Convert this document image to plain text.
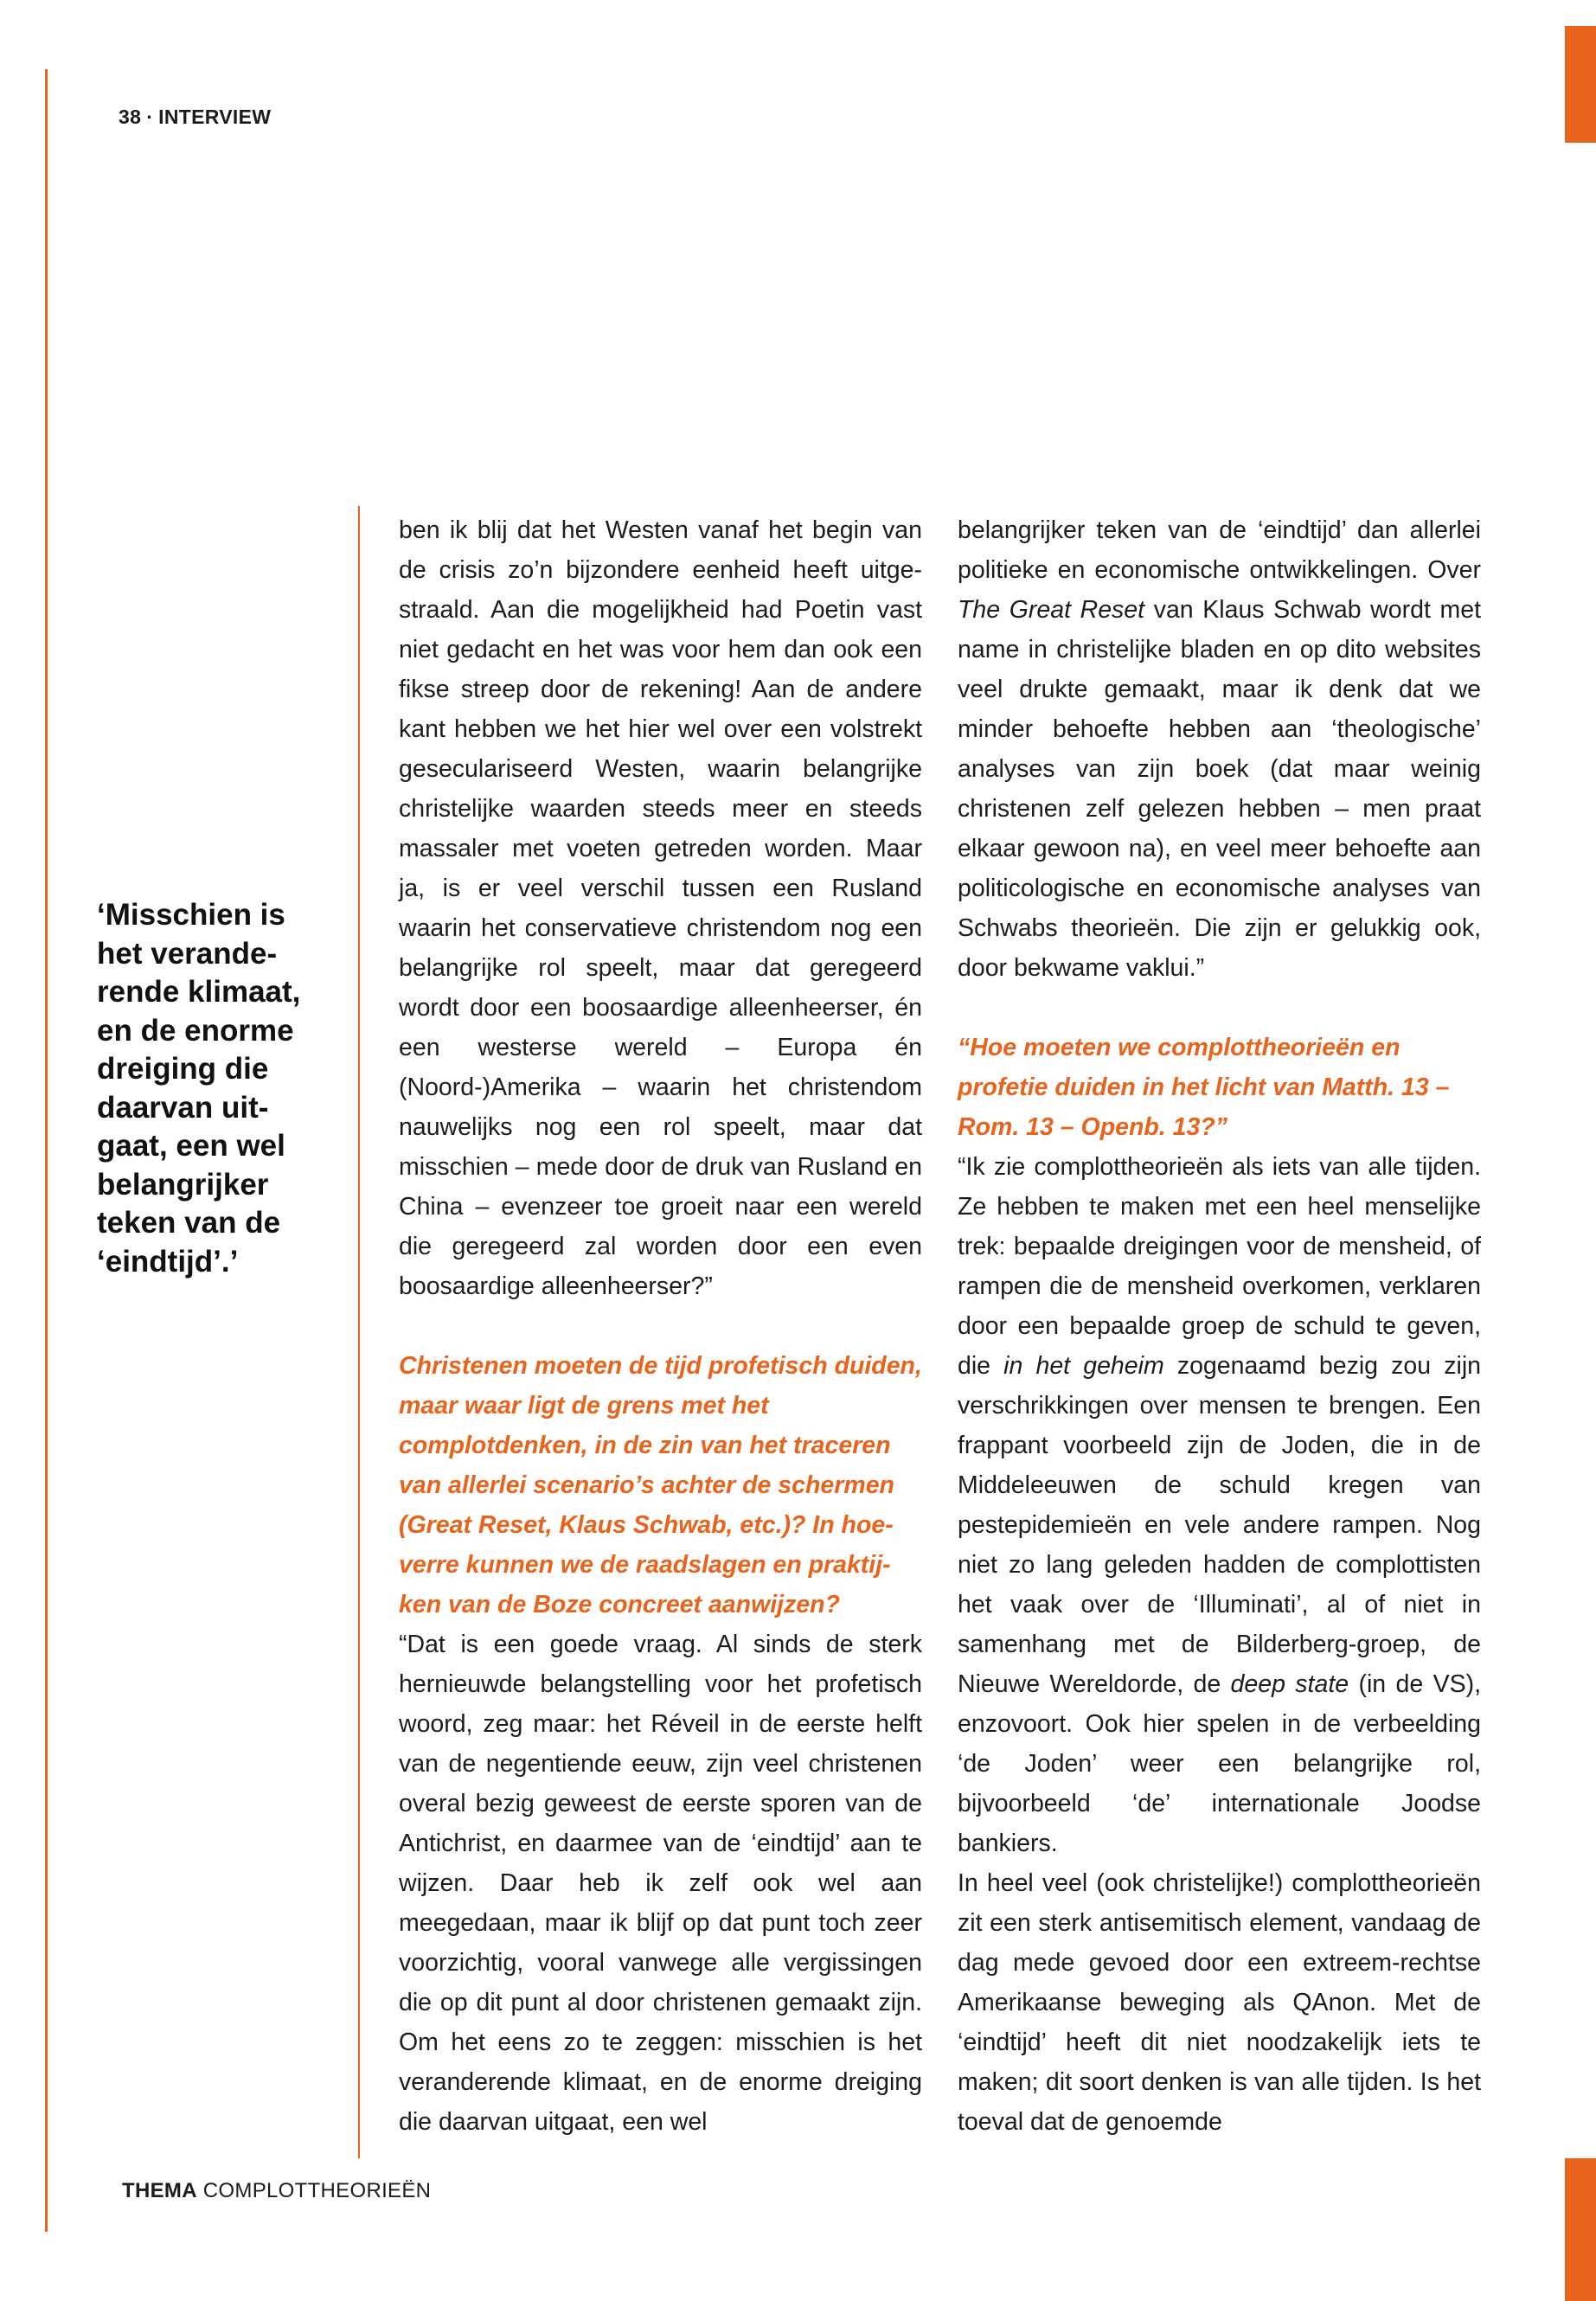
38 · INTERVIEW
‘Misschien is het veranderende klimaat, en de enorme dreiging die daarvan uitgaat, een wel belangrijker teken van de ‘eindtijd’.’

ben ik blij dat het Westen vanaf het begin van de crisis zo’n bijzondere eenheid heeft uitgestraald. Aan die mogelijkheid had Poetin vast niet gedacht en het was voor hem dan ook een fikse streep door de rekening! Aan de andere kant hebben we het hier wel over een volstrekt geseculariseerd Westen, waarin belangrijke christelijke waarden steeds meer en steeds massaler met voeten getreden worden. Maar ja, is er veel verschil tussen een Rusland waarin het conservatieve christendom nog een belangrijke rol speelt, maar dat geregeerd wordt door een boosaardige alleenheerser, én een westerse wereld – Europa én (Noord-)Amerika – waarin het christendom nauwelijks nog een rol speelt, maar dat misschien – mede door de druk van Rusland en China – evenzeer toe groeit naar een wereld die geregeerd zal worden door een even boosaardige alleenheerser?”

Christenen moeten de tijd profetisch duiden, maar waar ligt de grens met het complotdenken, in de zin van het traceren van allerlei scenario’s achter de schermen (Great Reset, Klaus Schwab, etc.)? In hoeverre kunnen we de raadslagen en praktijken van de Boze concreet aanwijzen?

“Dat is een goede vraag. Al sinds de sterk hernieuwde belangstelling voor het profetisch woord, zeg maar: het Réveil in de eerste helft van de negentiende eeuw, zijn veel christenen overal bezig geweest de eerste sporen van de Antichrist, en daarmee van de ‘eindtijd’ aan te wijzen. Daar heb ik zelf ook wel aan meegedaan, maar ik blijf op dat punt toch zeer voorzichtig, vooral vanwege alle vergissingen die op dit punt al door christenen gemaakt zijn. Om het eens zo te zeggen: misschien is het veranderende klimaat, en de enorme dreiging die daarvan uitgaat, een wel

belangrijker teken van de ‘eindtijd’ dan allerlei politieke en economische ontwikkelingen. Over The Great Reset van Klaus Schwab wordt met name in christelijke bladen en op dito websites veel drukte gemaakt, maar ik denk dat we minder behoefte hebben aan ‘theologische’ analyses van zijn boek (dat maar weinig christenen zelf gelezen hebben – men praat elkaar gewoon na), en veel meer behoefte aan politicologische en economische analyses van Schwabs theorieën. Die zijn er gelukkig ook, door bekwame vaklui.”

“Hoe moeten we complottheorieën en profetie duiden in het licht van Matth. 13 – Rom. 13 – Openb. 13?”

“Ik zie complottheorieën als iets van alle tijden. Ze hebben te maken met een heel menselijke trek: bepaalde dreigingen voor de mensheid, of rampen die de mensheid overkomen, verklaren door een bepaalde groep de schuld te geven, die in het geheim zogenaamd bezig zou zijn verschrikkingen over mensen te brengen. Een frappant voorbeeld zijn de Joden, die in de Middeleeuwen de schuld kregen van pestepidemieën en vele andere rampen. Nog niet zo lang geleden hadden de complottisten het vaak over de ‘Illuminati’, al of niet in samenhang met de Bilderberg-groep, de Nieuwe Wereldorde, de deep state (in de VS), enzovoort. Ook hier spelen in de verbeelding ‘de Joden’ weer een belangrijke rol, bijvoorbeeld ‘de’ internationale Joodse bankiers.

In heel veel (ook christelijke!) complottheorieën zit een sterk antisemitisch element, vandaag de dag mede gevoed door een extreem-rechtse Amerikaanse beweging als QAnon. Met de ‘eindtijd’ heeft dit niet noodzakelijk iets te maken; dit soort denken is van alle tijden. Is het toeval dat de genoemde

THEMA COMPLOTTHEORIEËN
